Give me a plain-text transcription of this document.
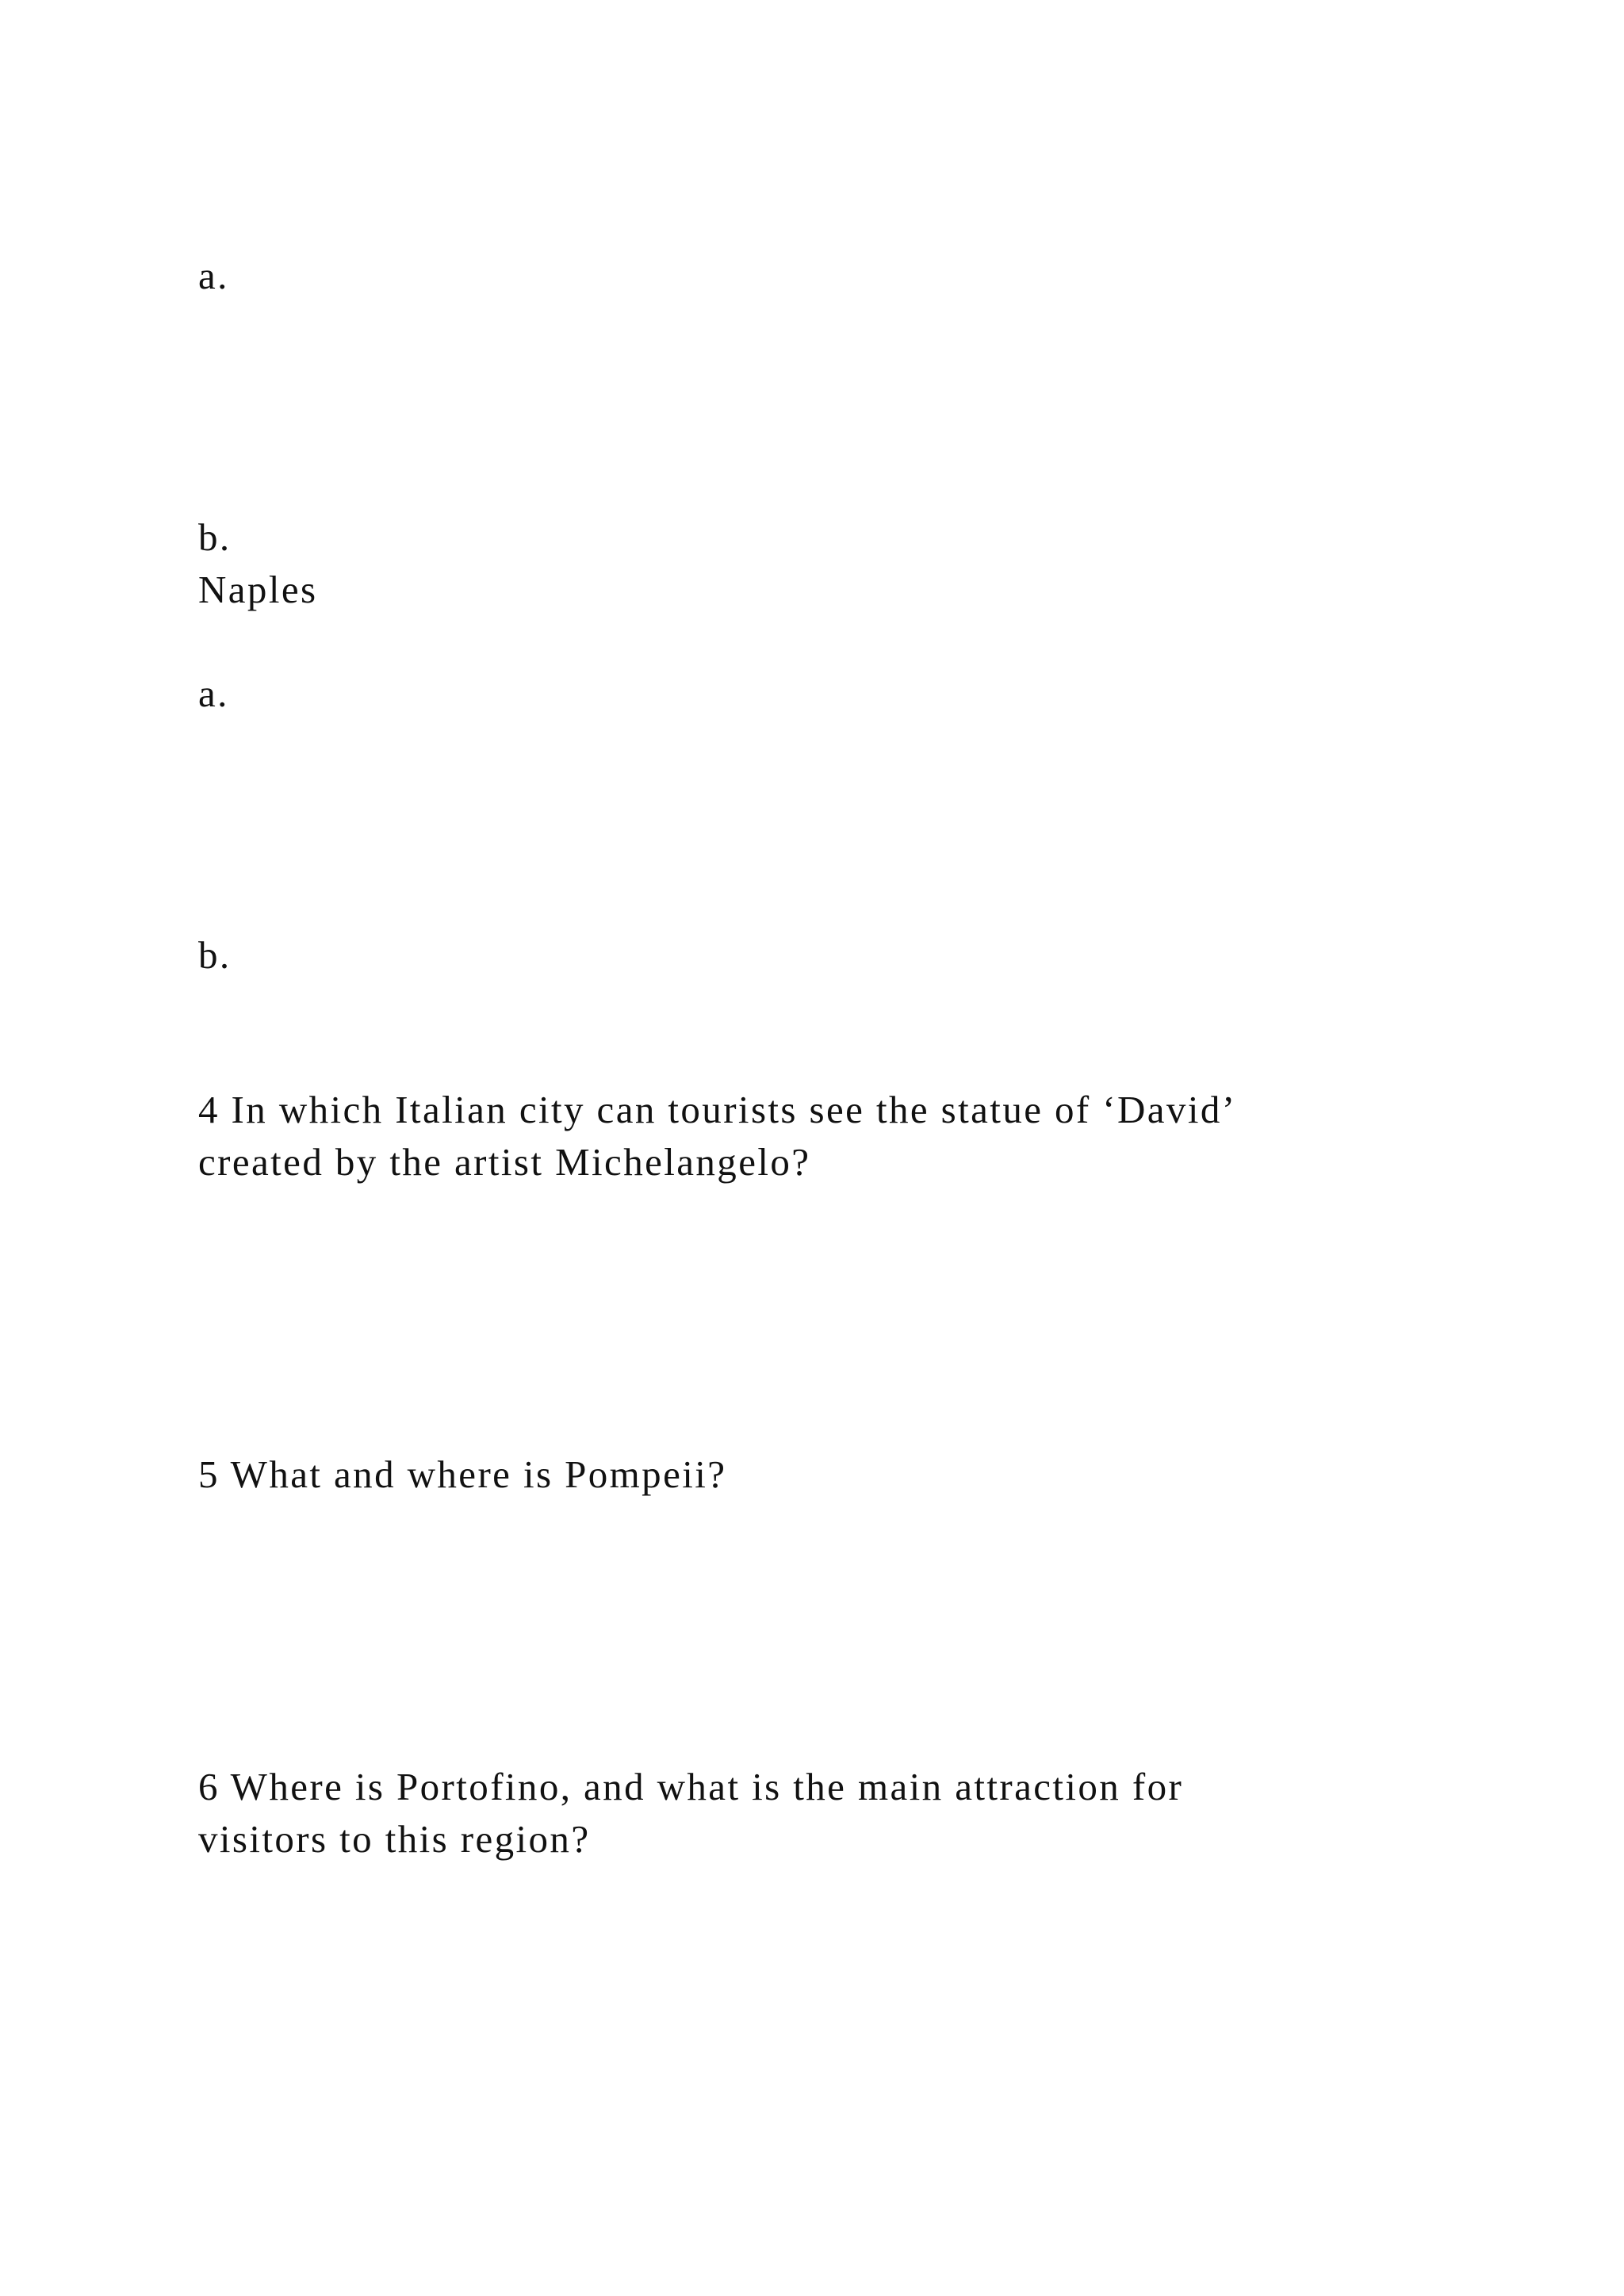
a.

b.

Naples

a.

b.

4 In which Italian city can tourists see the statue of ‘David’

created by the artist Michelangelo?

5 What and where is Pompeii?

6 Where is Portofino, and what is the main attraction for

visitors to this region?
